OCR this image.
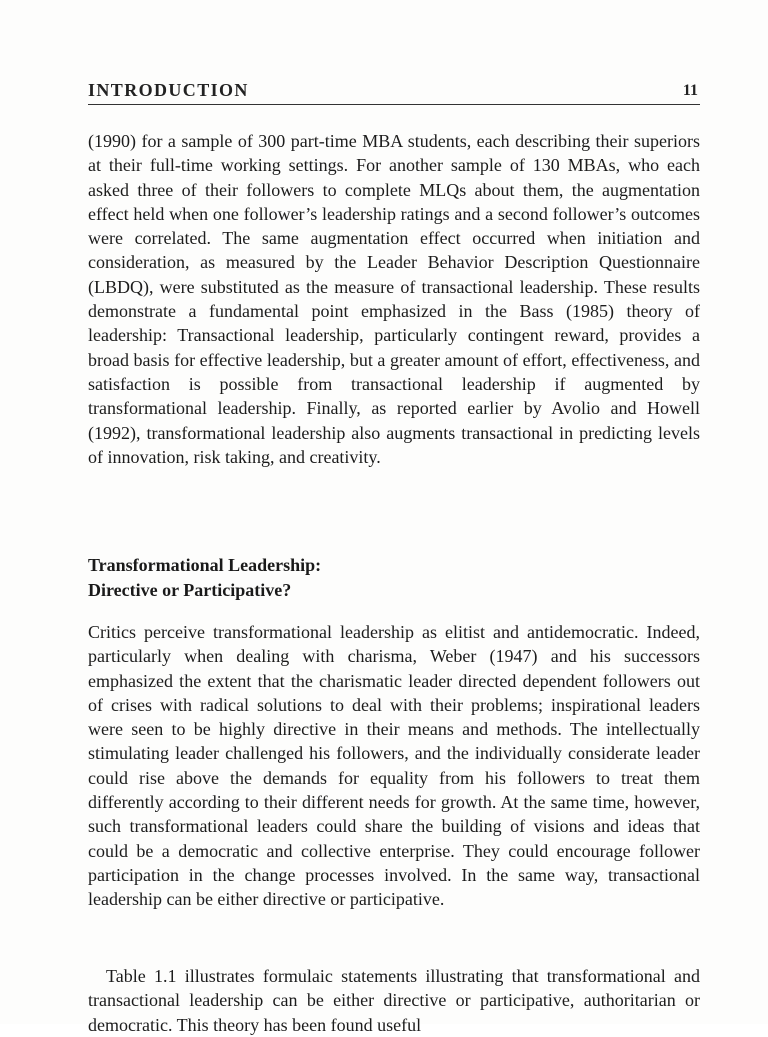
INTRODUCTION	11

(1990) for a sample of 300 part-time MBA students, each describing their superiors at their full-time working settings. For another sample of 130 MBAs, who each asked three of their followers to complete MLQs about them, the augmentation effect held when one follower’s leadership ratings and a second follower’s outcomes were correlated. The same augmentation effect occurred when initiation and consideration, as measured by the Leader Behavior Description Questionnaire (LBDQ), were substituted as the measure of transactional leadership. These results demonstrate a fundamental point emphasized in the Bass (1985) theory of leadership: Transactional leadership, particularly contingent reward, provides a broad basis for effective leadership, but a greater amount of effort, effectiveness, and satisfaction is possible from transactional leadership if augmented by transformational leadership. Finally, as reported earlier by Avolio and Howell (1992), transformational leadership also augments transactional in predicting levels of innovation, risk taking, and creativity.

Transformational Leadership:
Directive or Participative?

Critics perceive transformational leadership as elitist and antidemocratic. Indeed, particularly when dealing with charisma, Weber (1947) and his successors emphasized the extent that the charismatic leader directed dependent followers out of crises with radical solutions to deal with their problems; inspirational leaders were seen to be highly directive in their means and methods. The intellectually stimulating leader challenged his followers, and the individually considerate leader could rise above the demands for equality from his followers to treat them differently according to their different needs for growth. At the same time, however, such transformational leaders could share the building of visions and ideas that could be a democratic and collective enterprise. They could encourage follower participation in the change processes involved. In the same way, transactional leadership can be either directive or participative.

Table 1.1 illustrates formulaic statements illustrating that transformational and transactional leadership can be either directive or participative, authoritarian or democratic. This theory has been found useful
